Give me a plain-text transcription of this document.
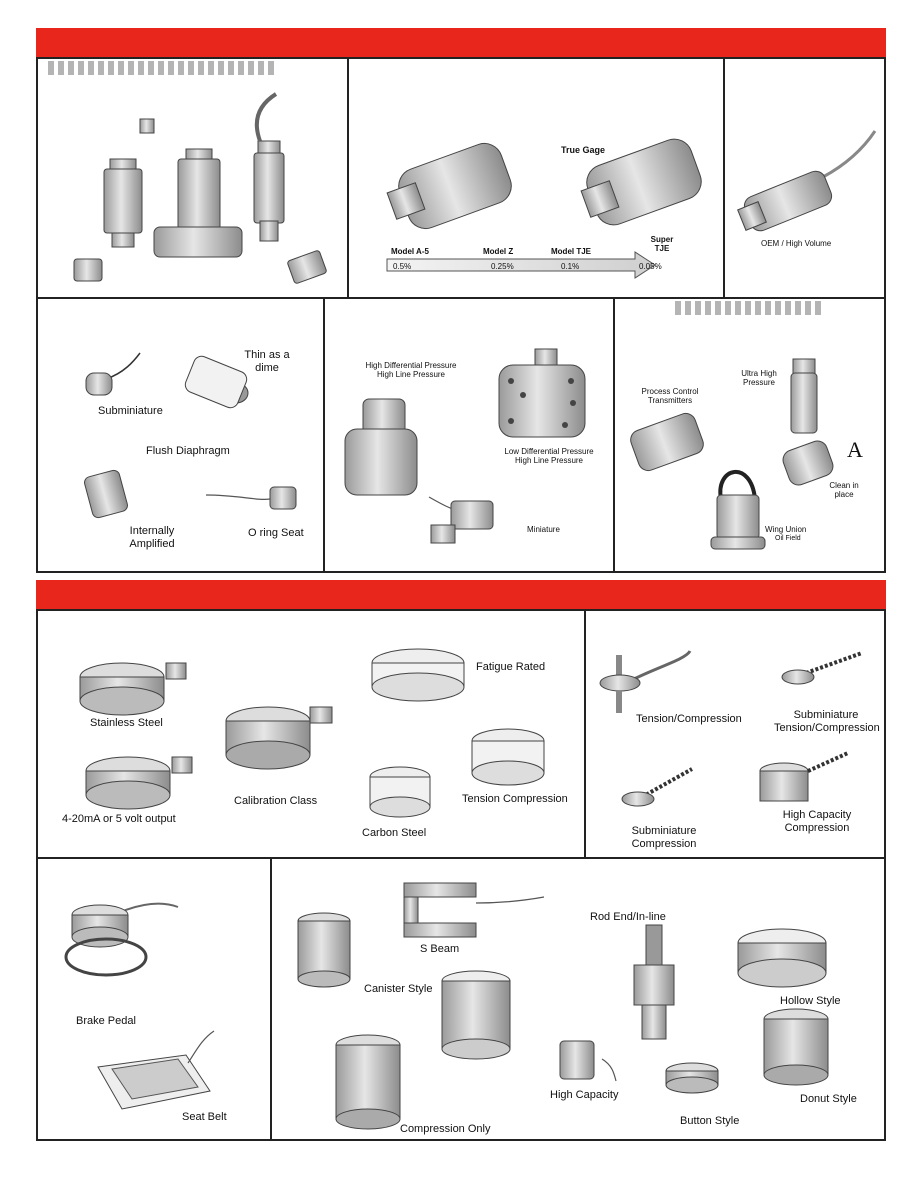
True Gage
Model A-5	Model Z	Model TJE
Super TJE
0.5%	0.25%	0.1%	0.05%
OEM / High Volume
Subminiature
Thin as a dime
Flush Diaphragm
Internally Amplified
O ring Seat
High Differential Pressure High Line Pressure
Low Differential Pressure High Line Pressure
Miniature
Process Control Transmitters
Ultra High Pressure
A
Clean in place
Wing Union
Oil Field
Stainless Steel
Fatigue Rated
Calibration Class
4-20mA or 5 volt output
Carbon Steel
Tension Compression
Tension/Compression	Subminiature Tension/Compression
Subminiature Compression
High Capacity Compression
Brake Pedal
Seat Belt
S Beam
Rod End/In-line
Canister Style
Hollow Style
High Capacity
Button Style
Donut Style
Compression Only
